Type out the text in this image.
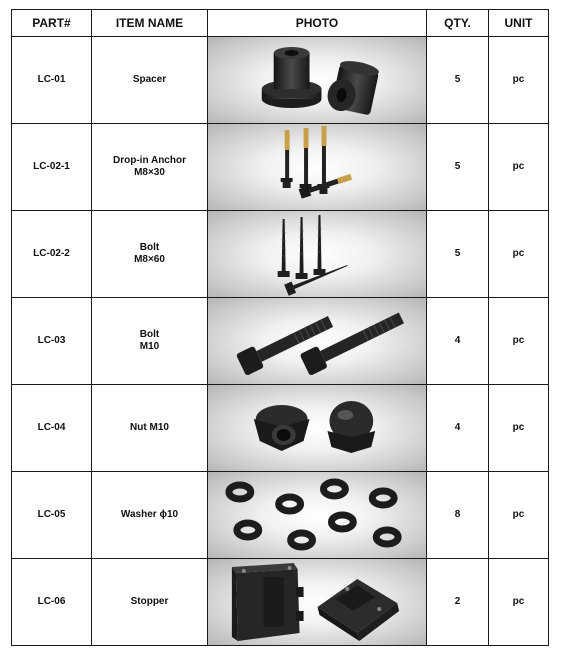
PART#	ITEM NAME	PHOTO	QTY.	UNIT
LC-01	Spacer		5	pc
LC-02-1	Drop-in Anchor
M8×30		5	pc
LC-02-2	Bolt
M8×60		5	pc
LC-03	Bolt
M10		4	pc
LC-04	Nut M10		4	pc
LC-05	Washer ϕ10		8	pc
LC-06	Stopper		2	pc
